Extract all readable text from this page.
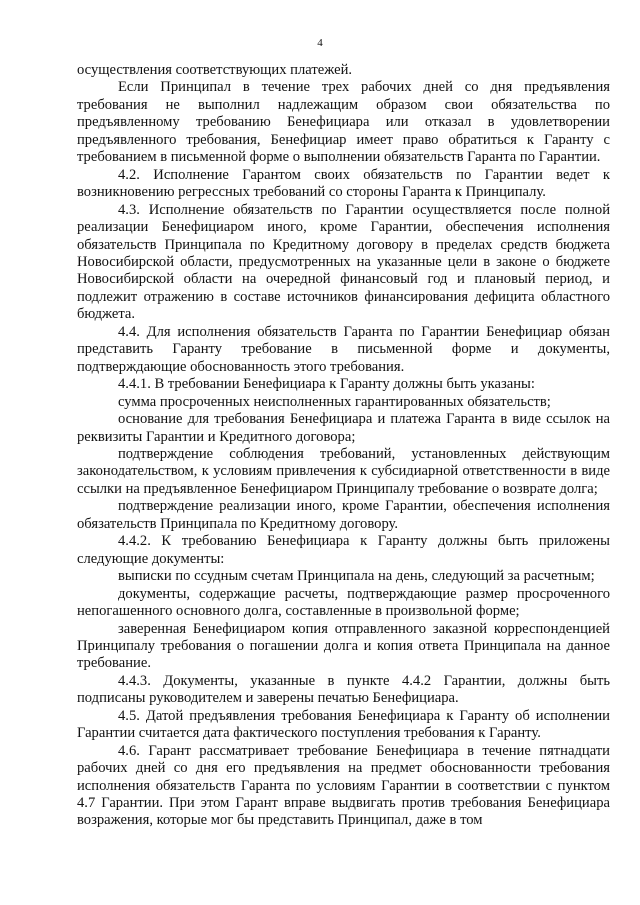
4

осуществления соответствующих платежей.

Если Принципал в течение трех рабочих дней со дня предъявления требования не выполнил надлежащим образом свои обязательства по предъявленному требованию Бенефициара или отказал в удовлетворении предъявленного требования, Бенефициар имеет право обратиться к Гаранту с требованием в письменной форме о выполнении обязательств Гаранта по Гарантии.

4.2. Исполнение Гарантом своих обязательств по Гарантии ведет к возникновению регрессных требований со стороны Гаранта к Принципалу.

4.3. Исполнение обязательств по Гарантии осуществляется после полной реализации Бенефициаром иного, кроме Гарантии, обеспечения исполнения обязательств Принципала по Кредитному договору в пределах средств бюджета Новосибирской области, предусмотренных на указанные цели в законе о бюджете Новосибирской области на очередной финансовый год и плановый период, и подлежит отражению в составе источников финансирования дефицита областного бюджета.

4.4. Для исполнения обязательств Гаранта по Гарантии Бенефициар обязан представить Гаранту требование в письменной форме и документы, подтверждающие обоснованность этого требования.

4.4.1. В требовании Бенефициара к Гаранту должны быть указаны:

сумма просроченных неисполненных гарантированных обязательств;

основание для требования Бенефициара и платежа Гаранта в виде ссылок на реквизиты Гарантии и Кредитного договора;

подтверждение соблюдения требований, установленных действующим законодательством, к условиям привлечения к субсидиарной ответственности в виде ссылки на предъявленное Бенефициаром Принципалу требование о возврате долга;

подтверждение реализации иного, кроме Гарантии, обеспечения исполнения обязательств Принципала по Кредитному договору.

4.4.2. К требованию Бенефициара к Гаранту должны быть приложены следующие документы:

выписки по ссудным счетам Принципала на день, следующий за расчетным;

документы, содержащие расчеты, подтверждающие размер просроченного непогашенного основного долга, составленные в произвольной форме;

заверенная Бенефициаром копия отправленного заказной корреспонденцией Принципалу требования о погашении долга и копия ответа Принципала на данное требование.

4.4.3. Документы, указанные в пункте 4.4.2 Гарантии, должны быть подписаны руководителем и заверены печатью Бенефициара.

4.5. Датой предъявления требования Бенефициара к Гаранту об исполнении Гарантии считается дата фактического поступления требования к Гаранту.

4.6. Гарант рассматривает требование Бенефициара в течение пятнадцати рабочих дней со дня его предъявления на предмет обоснованности требования исполнения обязательств Гаранта по условиям Гарантии в соответствии с пунктом 4.7 Гарантии. При этом Гарант вправе выдвигать против требования Бенефициара возражения, которые мог бы представить Принципал, даже в том
